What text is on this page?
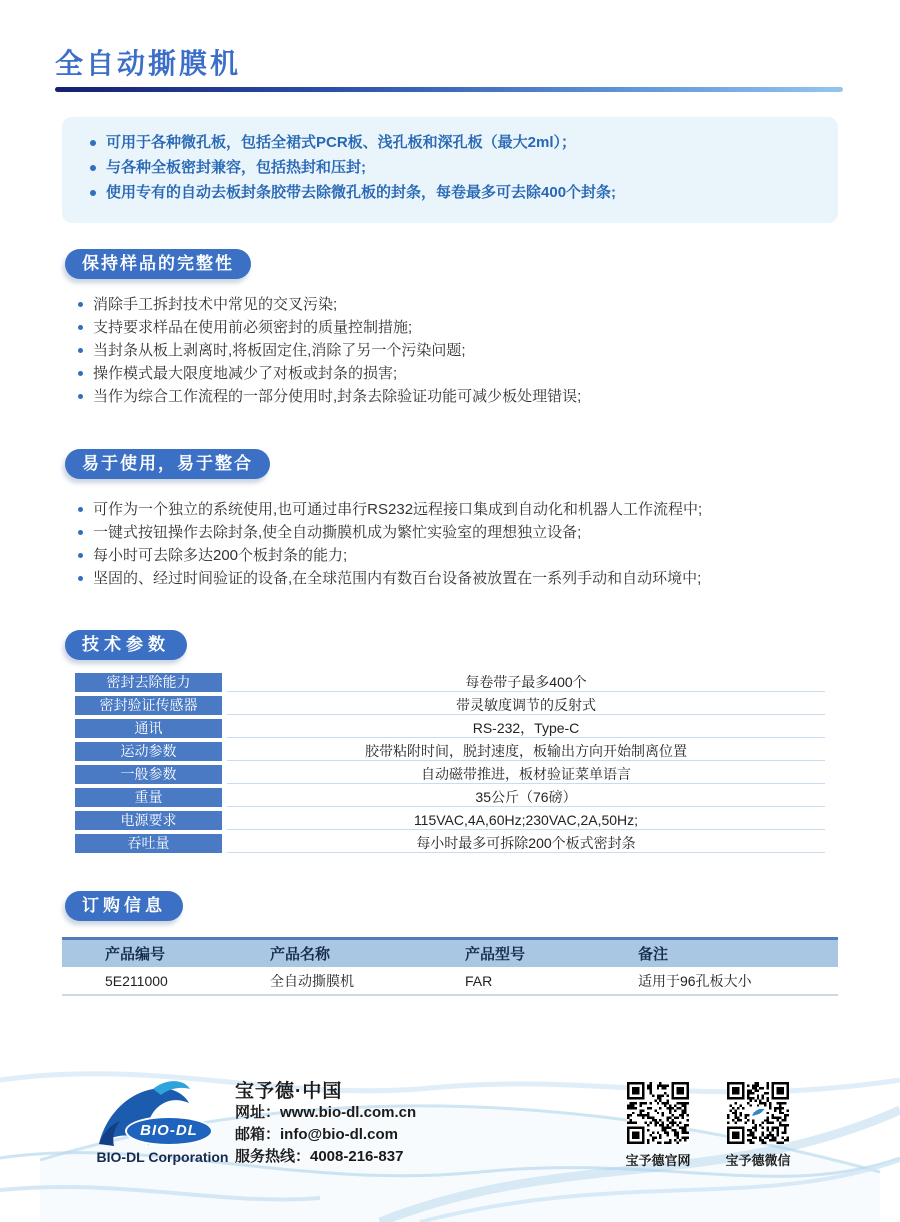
全自动撕膜机
可用于各种微孔板，包括全裙式PCR板、浅孔板和深孔板（最大2ml）；
与各种全板密封兼容，包括热封和压封;
使用专有的自动去板封条胶带去除微孔板的封条，每卷最多可去除400个封条;
保持样品的完整性
消除手工拆封技术中常见的交叉污染;
支持要求样品在使用前必须密封的质量控制措施;
当封条从板上剥离时,将板固定住,消除了另一个污染问题;
操作模式最大限度地减少了对板或封条的损害;
当作为综合工作流程的一部分使用时,封条去除验证功能可减少板处理错误;
易于使用，易于整合
可作为一个独立的系统使用,也可通过串行RS232远程接口集成到自动化和机器人工作流程中;
一键式按钮操作去除封条,使全自动撕膜机成为繁忙实验室的理想独立设备;
每小时可去除多达200个板封条的能力;
坚固的、经过时间验证的设备,在全球范围内有数百台设备被放置在一系列手动和自动环境中;
技术参数
密封去除能力	每卷带子最多400个
密封验证传感器	带灵敏度调节的反射式
通讯	RS-232，Type-C
运动参数	胶带粘附时间，脱封速度，板输出方向开始制离位置
一般参数	自动磁带推进，板材验证菜单语言
重量	35公斤（76磅）
电源要求	115VAC,4A,60Hz;230VAC,2A,50Hz;
吞吐量	每小时最多可拆除200个板式密封条
订购信息
产品编号	产品名称	产品型号	备注
5E211000	全自动撕膜机	FAR	适用于96孔板大小
BIO-DL
BIO-DL Corporation
宝予德·中国
网址：www.bio-dl.com.cn
邮箱：info@bio-dl.com
服务热线：4008-216-837	宝予德官网	宝予德微信
